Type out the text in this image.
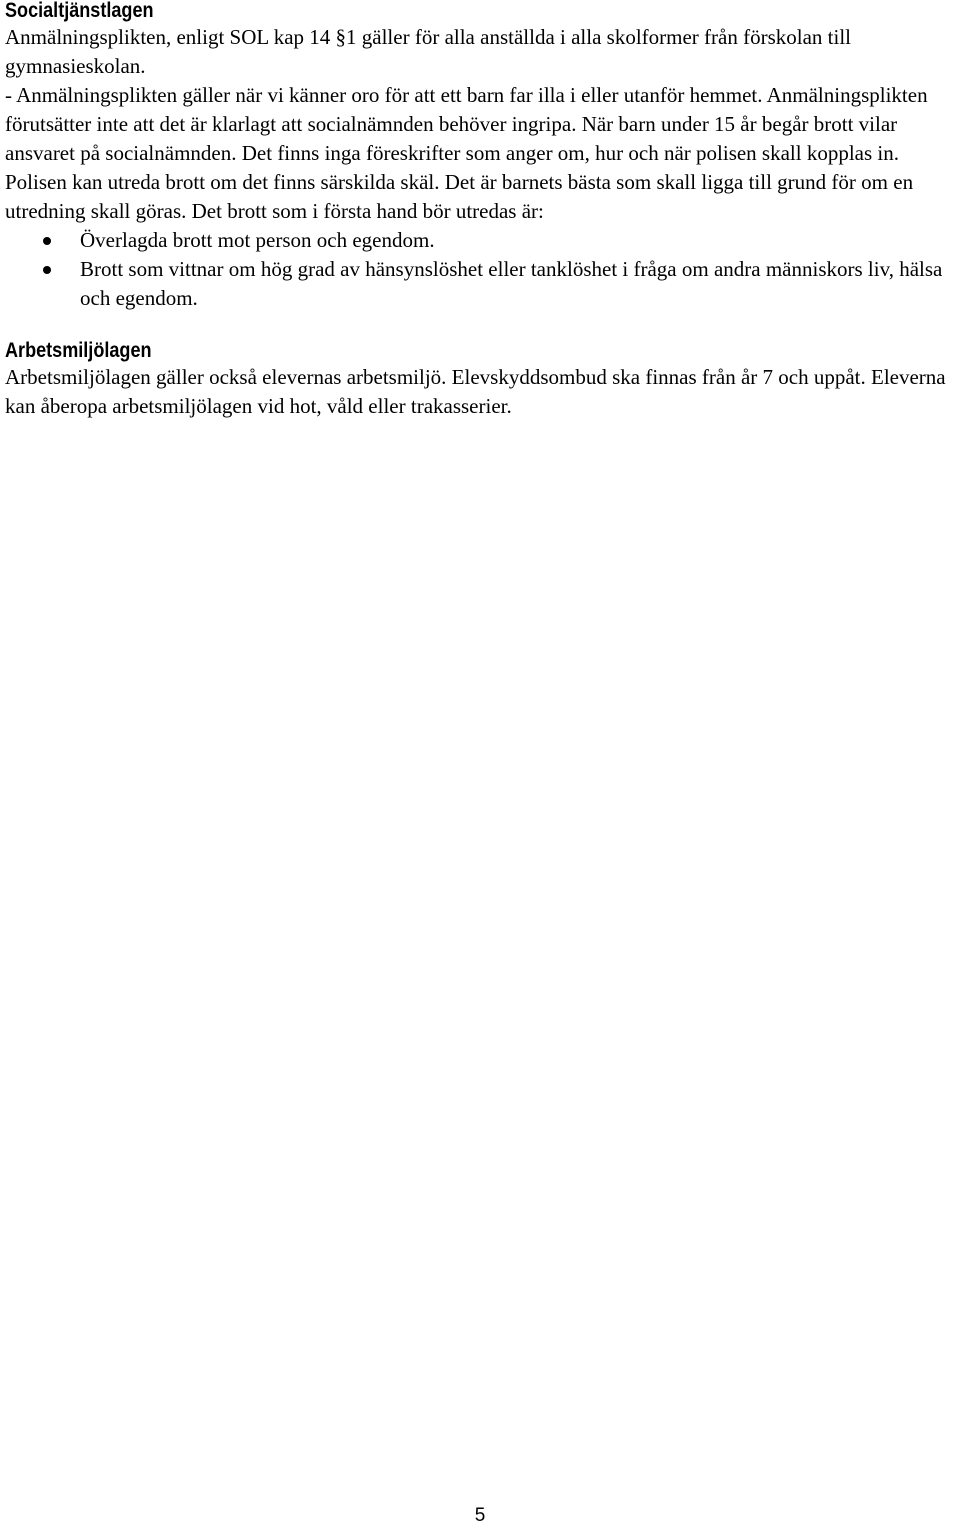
Socialtjänstlagen

Anmälningsplikten, enligt SOL kap 14 §1 gäller för alla anställda i alla skolformer från förskolan till gymnasieskolan.

- Anmälningsplikten gäller när vi känner oro för att ett barn far illa i eller utanför hemmet. Anmälningsplikten förutsätter inte att det är klarlagt att socialnämnden behöver ingripa. När barn under 15 år begår brott vilar ansvaret på socialnämnden. Det finns inga föreskrifter som anger om, hur och när polisen skall kopplas in. Polisen kan utreda brott om det finns särskilda skäl. Det är barnets bästa som skall ligga till grund för om en utredning skall göras. Det brott som i första hand bör utredas är:

Överlagda brott mot person och egendom.
Brott som vittnar om hög grad av hänsynslöshet eller tanklöshet i fråga om andra människors liv, hälsa och egendom.
Arbetsmiljölagen

Arbetsmiljölagen gäller också elevernas arbetsmiljö. Elevskyddsombud ska finnas från år 7 och uppåt. Eleverna kan åberopa arbetsmiljölagen vid hot, våld eller trakasserier.

5
